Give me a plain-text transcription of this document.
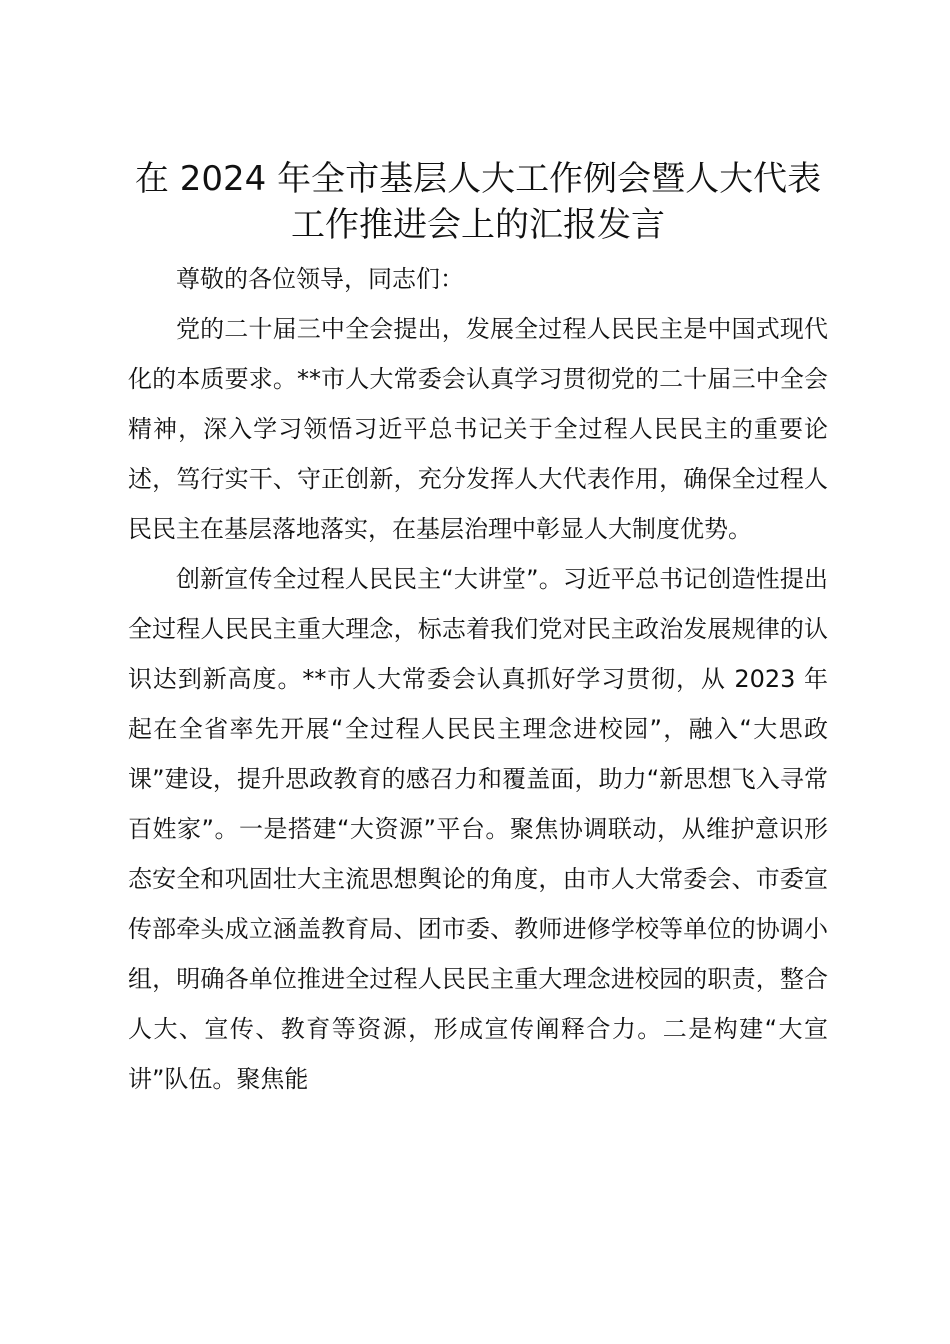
在 2024 年全市基层人大工作例会暨人大代表
工作推进会上的汇报发言

尊敬的各位领导，同志们：

党的二十届三中全会提出，发展全过程人民民主是中国式现代化的本质要求。**市人大常委会认真学习贯彻党的二十届三中全会精神，深入学习领悟习近平总书记关于全过程人民民主的重要论述，笃行实干、守正创新，充分发挥人大代表作用，确保全过程人民民主在基层落地落实，在基层治理中彰显人大制度优势。

创新宣传全过程人民民主“大讲堂”。习近平总书记创造性提出全过程人民民主重大理念，标志着我们党对民主政治发展规律的认识达到新高度。**市人大常委会认真抓好学习贯彻，从 2023 年起在全省率先开展“全过程人民民主理念进校园”，融入“大思政课”建设，提升思政教育的感召力和覆盖面，助力“新思想飞入寻常百姓家”。一是搭建“大资源”平台。聚焦协调联动，从维护意识形态安全和巩固壮大主流思想舆论的角度，由市人大常委会、市委宣传部牵头成立涵盖教育局、团市委、教师进修学校等单位的协调小组，明确各单位推进全过程人民民主重大理念进校园的职责，整合人大、宣传、教育等资源，形成宣传阐释合力。二是构建“大宣讲”队伍。聚焦能
